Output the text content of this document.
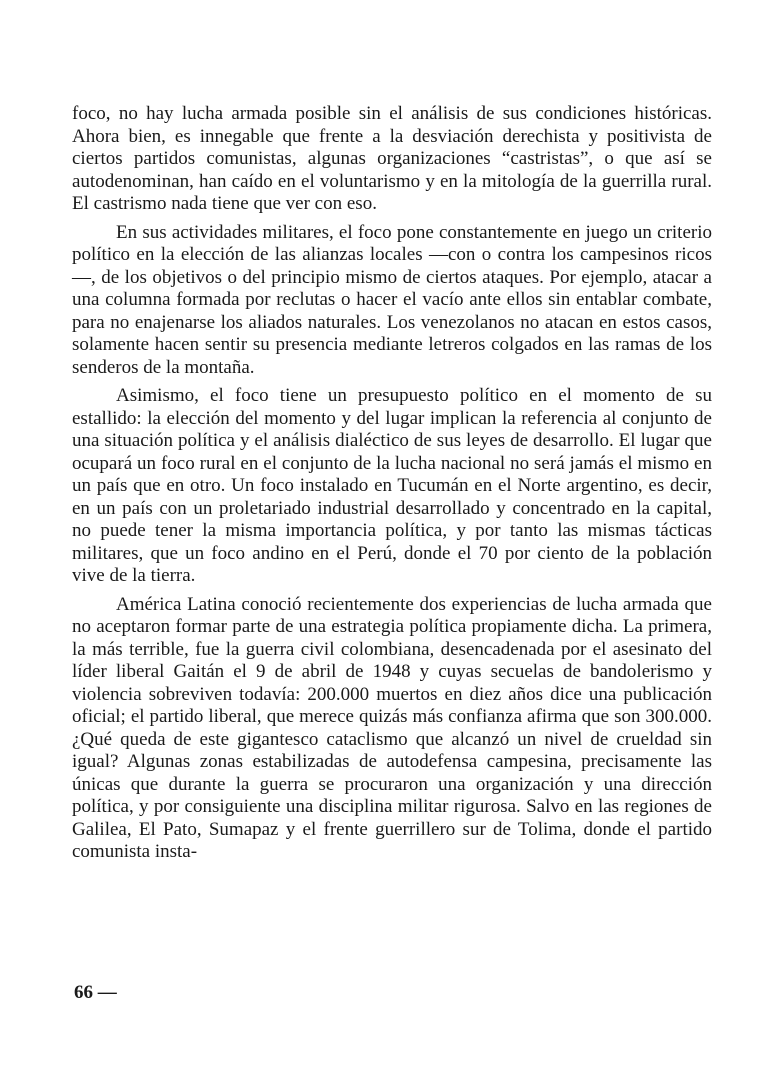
foco, no hay lucha armada posible sin el análisis de sus condiciones históricas. Ahora bien, es innegable que frente a la desviación derechista y positivista de ciertos partidos comunistas, algunas organizaciones “castristas”, o que así se autodenominan, han caído en el voluntarismo y en la mitología de la guerrilla rural. El castrismo nada tiene que ver con eso.

En sus actividades militares, el foco pone constantemente en juego un criterio político en la elección de las alianzas locales —con o contra los campesinos ricos—, de los objetivos o del principio mismo de ciertos ataques. Por ejemplo, atacar a una columna formada por reclutas o hacer el vacío ante ellos sin entablar combate, para no enajenarse los aliados naturales. Los venezolanos no atacan en estos casos, solamente hacen sentir su presencia mediante letreros colgados en las ramas de los senderos de la montaña.

Asimismo, el foco tiene un presupuesto político en el momento de su estallido: la elección del momento y del lugar implican la referencia al conjunto de una situación política y el análisis dialéctico de sus leyes de desarrollo. El lugar que ocupará un foco rural en el conjunto de la lucha nacional no será jamás el mismo en un país que en otro. Un foco instalado en Tucumán en el Norte argentino, es decir, en un país con un proletariado industrial desarrollado y concentrado en la capital, no puede tener la misma importancia política, y por tanto las mismas tácticas militares, que un foco andino en el Perú, donde el 70 por ciento de la población vive de la tierra.

América Latina conoció recientemente dos experiencias de lucha armada que no aceptaron formar parte de una estrategia política propiamente dicha. La primera, la más terrible, fue la guerra civil colombiana, desencadenada por el asesinato del líder liberal Gaitán el 9 de abril de 1948 y cuyas secuelas de bandolerismo y violencia sobreviven todavía: 200.000 muertos en diez años dice una publicación oficial; el partido liberal, que merece quizás más confianza afirma que son 300.000. ¿Qué queda de este gigantesco cataclismo que alcanzó un nivel de crueldad sin igual? Algunas zonas estabilizadas de autodefensa campesina, precisamente las únicas que durante la guerra se procuraron una organización y una dirección política, y por consiguiente una disciplina militar rigurosa. Salvo en las regiones de Galilea, El Pato, Sumapaz y el frente guerrillero sur de Tolima, donde el partido comunista insta-

66 —
